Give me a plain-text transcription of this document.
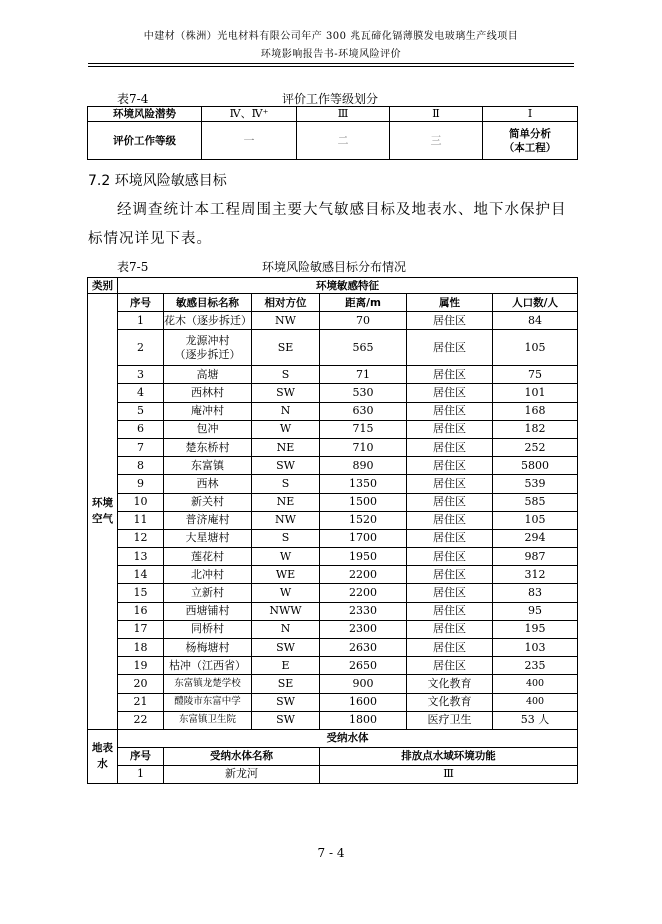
中建材（株洲）光电材料有限公司年产 300 兆瓦碲化镉薄膜发电玻璃生产线项目
环境影响报告书-环境风险评价
表7-4	评价工作等级划分
环境风险潜势	Ⅳ、Ⅳ⁺	Ⅲ	Ⅱ	Ⅰ
评价工作等级	一	二	三	简单分析
（本工程）
7.2 环境风险敏感目标
经调查统计本工程周围主要大气敏感目标及地表水、地下水保护目标情况详见下表。
表7-5	环境风险敏感目标分布情况
类别	环境敏感特征					

环境空气	序号	敏感目标名称	相对方位	距离/m	属性	人口数/人
	1	花木（逐步拆迁）	NW	70	居住区	84
	2	龙源冲村
（逐步拆迁）	SE	565	居住区	105
	3	高塘	S	71	居住区	75
	4	西林村	SW	530	居住区	101
	5	庵冲村	N	630	居住区	168
	6	包冲	W	715	居住区	182
	7	楚东桥村	NE	710	居住区	252
	8	东富镇	SW	890	居住区	5800
	9	西林	S	1350	居住区	539
	10	新关村	NE	1500	居住区	585
	11	普济庵村	NW	1520	居住区	105
	12	大星塘村	S	1700	居住区	294
	13	莲花村	W	1950	居住区	987
	14	北冲村	WE	2200	居住区	312
	15	立新村	W	2200	居住区	83
	16	西塘铺村	NWW	2330	居住区	95
	17	同桥村	N	2300	居住区	195
	18	杨梅塘村	SW	2630	居住区	103
	19	枯冲（江西省）	E	2650	居住区	235
	20	东富镇龙楚学校	SE	900	文化教育	400
	21	醴陵市东富中学	SW	1600	文化教育	400
	22	东富镇卫生院	SW	1800	医疗卫生	53 人

地表水	受纳水体					
	序号	受纳水体名称		排放点水域环境功能		
	1	新龙河		Ⅲ		
7 - 4
